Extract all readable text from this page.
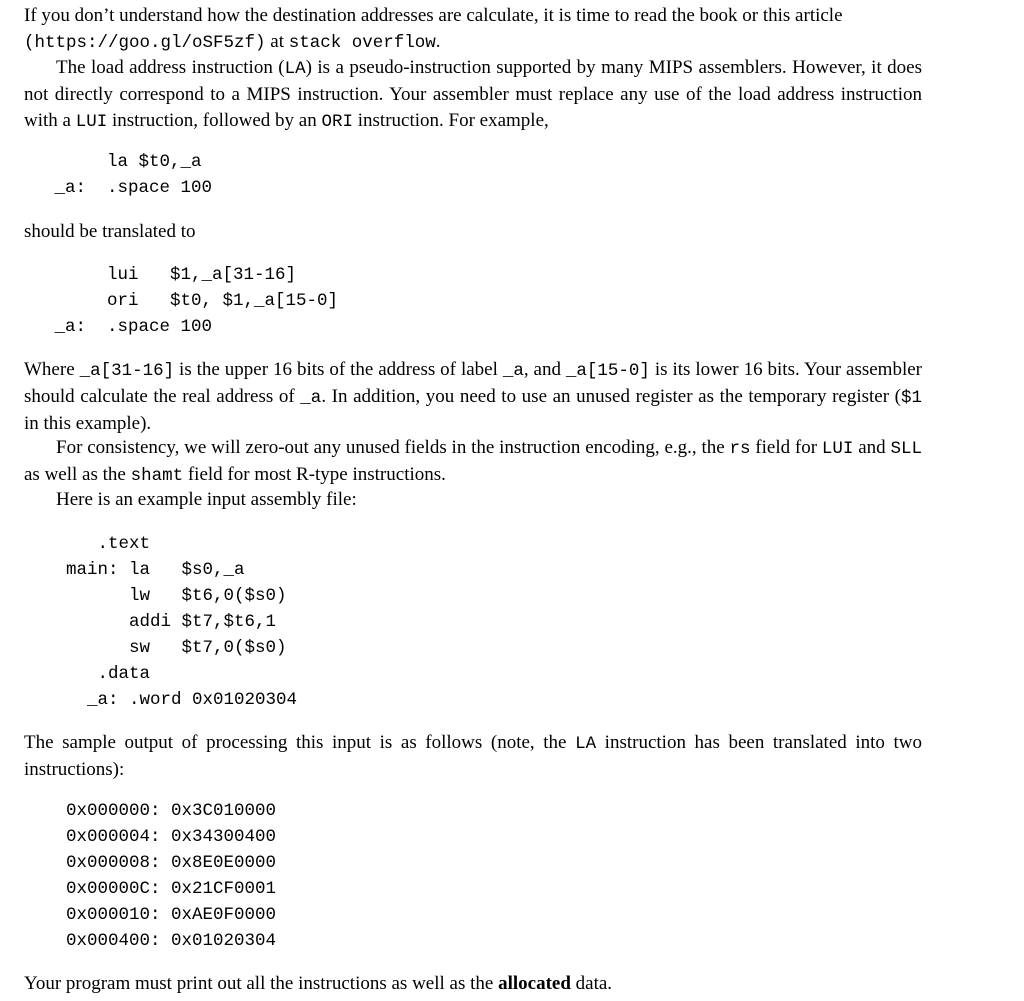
If you don’t understand how the destination addresses are calculate, it is time to read the book or this article
(https://goo.gl/oSF5zf) at stack overflow.
The load address instruction (LA) is a pseudo-instruction supported by many MIPS assemblers. However, it does not directly correspond to a MIPS instruction. Your assembler must replace any use of the load address instruction with a LUI instruction, followed by an ORI instruction. For example,
la $t0,_a
_a:  .space 100
should be translated to
lui   $1,_a[31-16]
ori   $t0, $1,_a[15-0]
_a:  .space 100
Where _a[31-16] is the upper 16 bits of the address of label _a, and _a[15-0] is its lower 16 bits. Your assembler should calculate the real address of _a. In addition, you need to use an unused register as the temporary register ($1 in this example).
For consistency, we will zero-out any unused fields in the instruction encoding, e.g., the rs field for LUI and SLL as well as the shamt field for most R-type instructions.
Here is an example input assembly file:
.text
main: la   $s0,_a
lw   $t6,0($s0)
addi $t7,$t6,1
sw   $t7,0($s0)
.data
_a: .word 0x01020304
The sample output of processing this input is as follows (note, the LA instruction has been translated into two instructions):
0x000000: 0x3C010000
0x000004: 0x34300400
0x000008: 0x8E0E0000
0x00000C: 0x21CF0001
0x000010: 0xAE0F0000
0x000400: 0x01020304
Your program must print out all the instructions as well as the allocated data.
